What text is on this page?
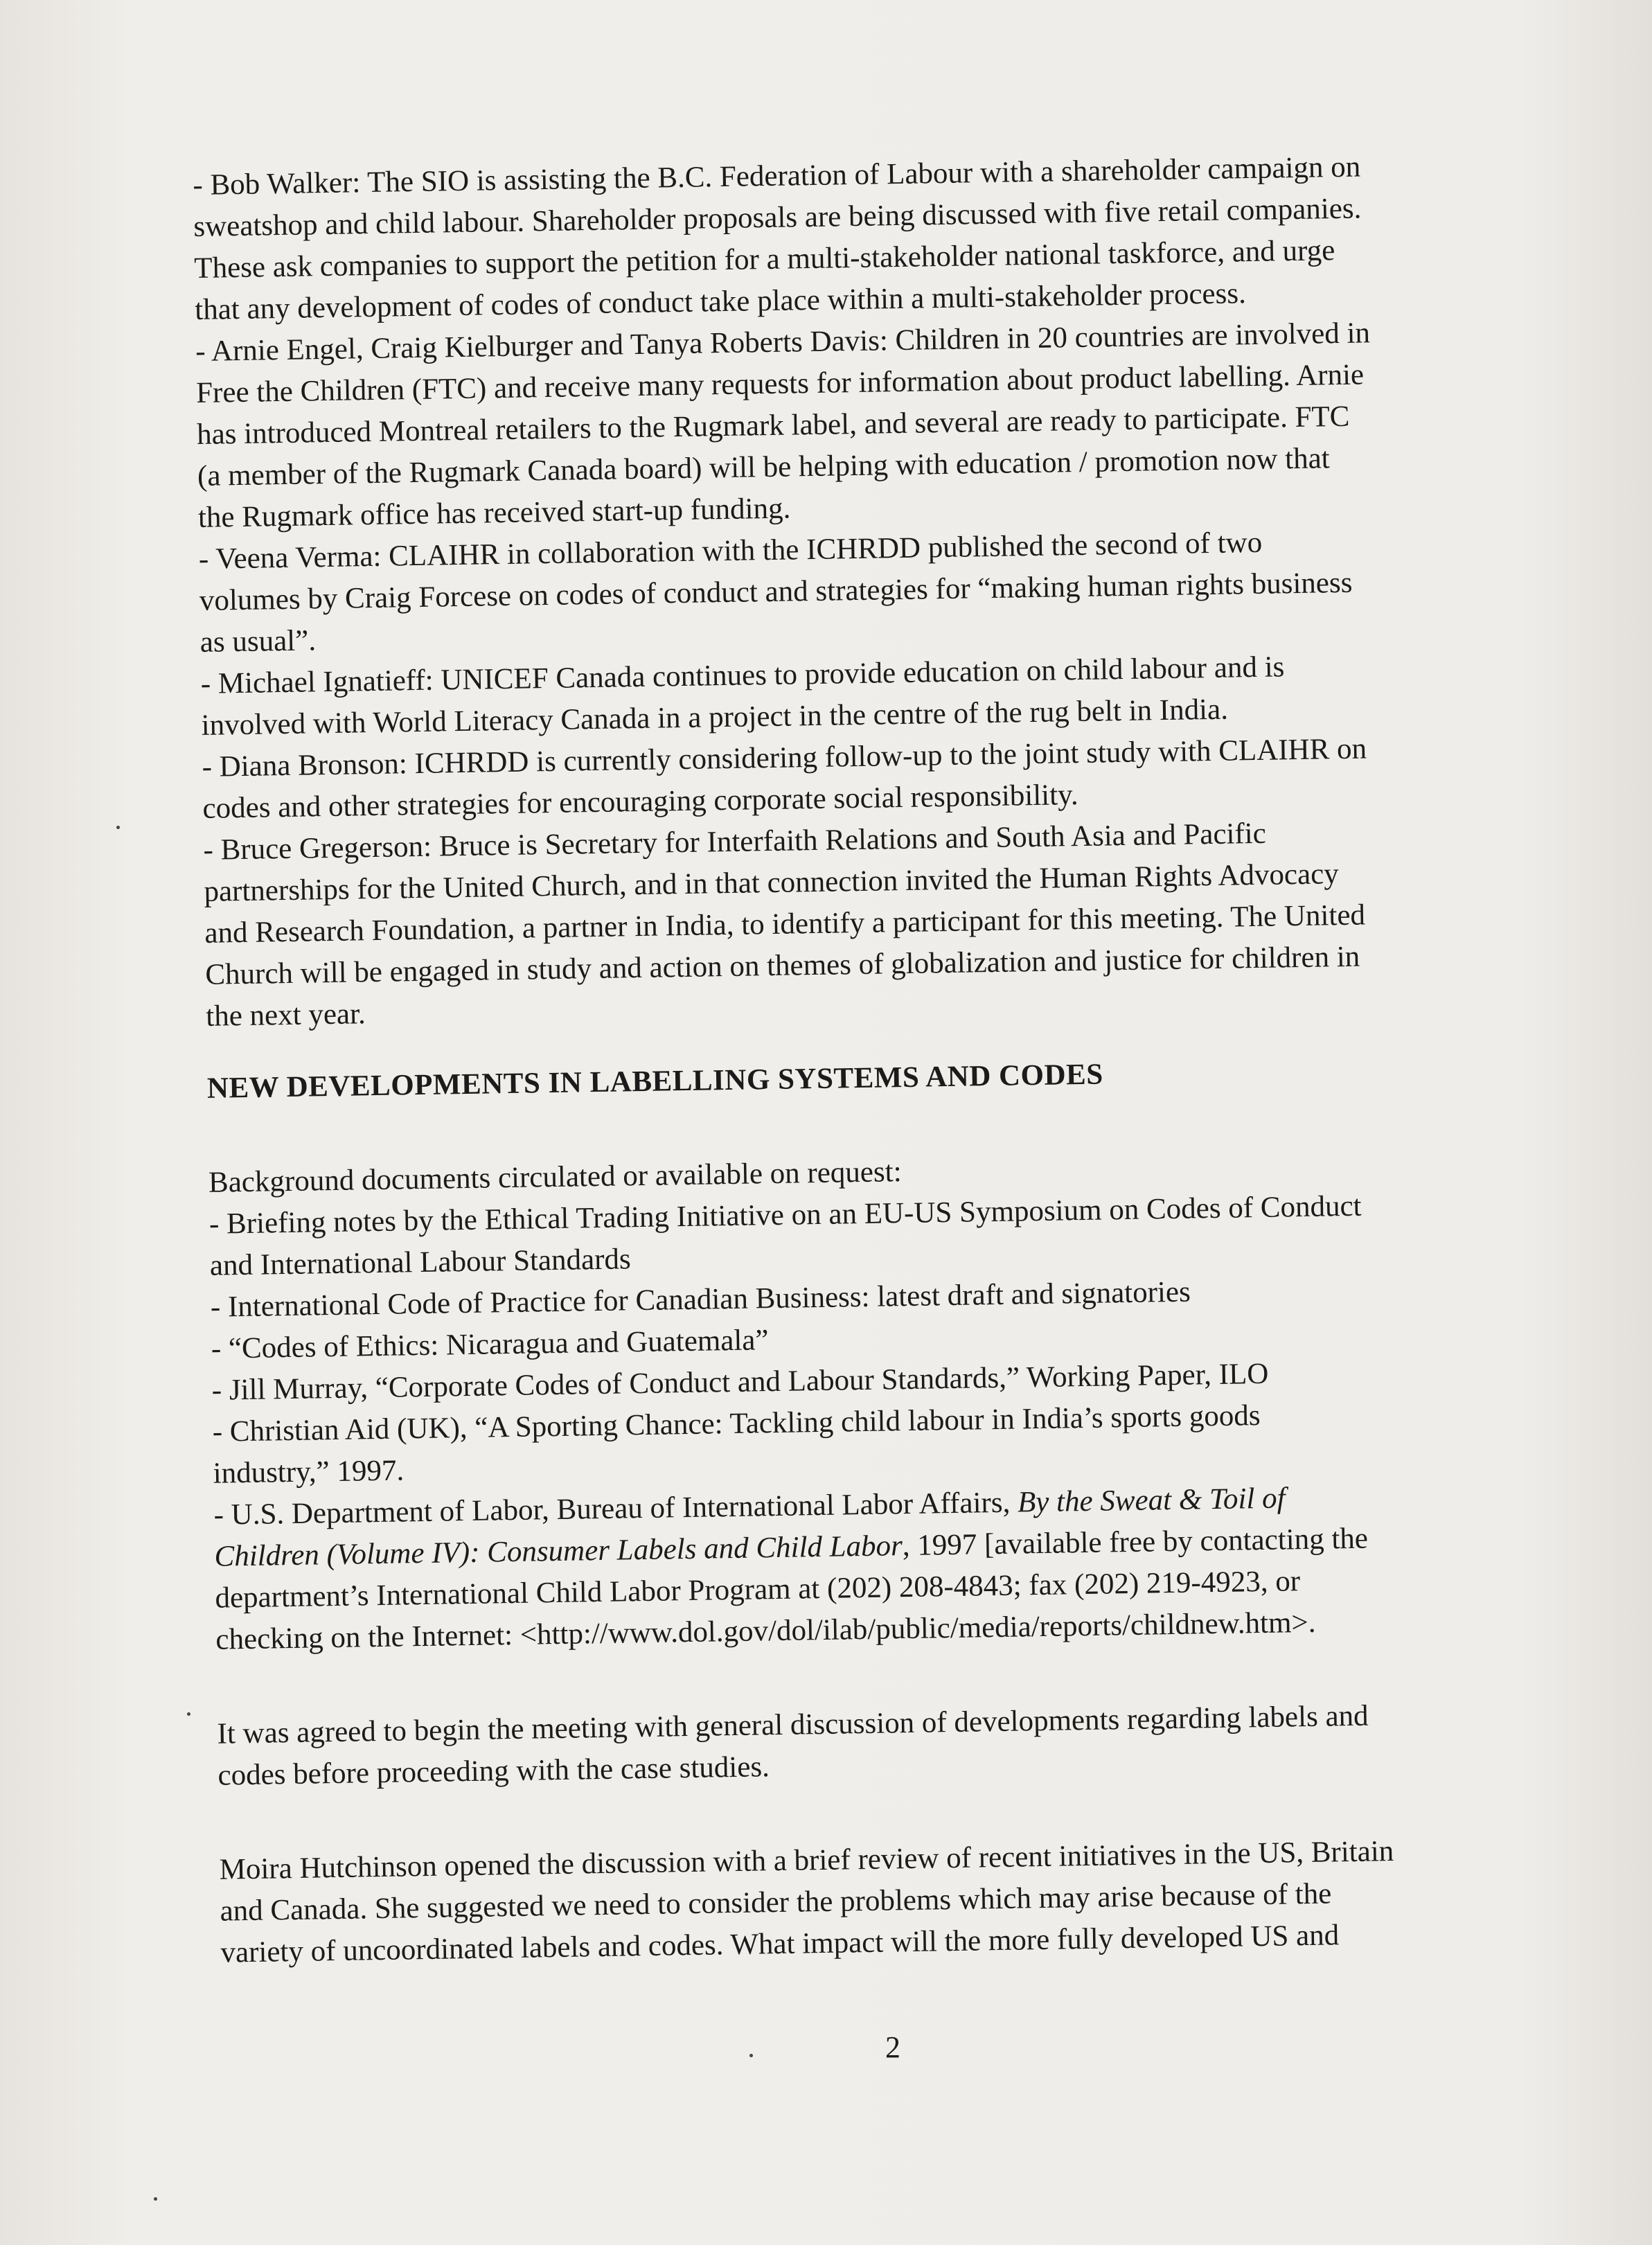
- Bob Walker: The SIO is assisting the B.C. Federation of Labour with a shareholder campaign on
sweatshop and child labour. Shareholder proposals are being discussed with five retail companies.
These ask companies to support the petition for a multi-stakeholder national taskforce, and urge
that any development of codes of conduct take place within a multi-stakeholder process.
- Arnie Engel, Craig Kielburger and Tanya Roberts Davis: Children in 20 countries are involved in
Free the Children (FTC) and receive many requests for information about product labelling. Arnie
has introduced Montreal retailers to the Rugmark label, and several are ready to participate. FTC
(a member of the Rugmark Canada board) will be helping with education / promotion now that
the Rugmark office has received start-up funding.
- Veena Verma: CLAIHR in collaboration with the ICHRDD published the second of two
volumes by Craig Forcese on codes of conduct and strategies for “making human rights business
as usual”.
- Michael Ignatieff: UNICEF Canada continues to provide education on child labour and is
involved with World Literacy Canada in a project in the centre of the rug belt in India.
- Diana Bronson: ICHRDD is currently considering follow-up to the joint study with CLAIHR on
codes and other strategies for encouraging corporate social responsibility.
- Bruce Gregerson: Bruce is Secretary for Interfaith Relations and South Asia and Pacific
partnerships for the United Church, and in that connection invited the Human Rights Advocacy
and Research Foundation, a partner in India, to identify a participant for this meeting. The United
Church will be engaged in study and action on themes of globalization and justice for children in
the next year.
NEW DEVELOPMENTS IN LABELLING SYSTEMS AND CODES
Background documents circulated or available on request:
- Briefing notes by the Ethical Trading Initiative on an EU-US Symposium on Codes of Conduct
and International Labour Standards
- International Code of Practice for Canadian Business: latest draft and signatories
- “Codes of Ethics: Nicaragua and Guatemala”
- Jill Murray, “Corporate Codes of Conduct and Labour Standards,” Working Paper, ILO
- Christian Aid (UK), “A Sporting Chance: Tackling child labour in India’s sports goods
industry,” 1997.
- U.S. Department of Labor, Bureau of International Labor Affairs, By the Sweat & Toil of
Children (Volume IV): Consumer Labels and Child Labor, 1997 [available free by contacting the
department’s International Child Labor Program at (202) 208-4843; fax (202) 219-4923, or
checking on the Internet: <http://www.dol.gov/dol/ilab/public/media/reports/childnew.htm>.
It was agreed to begin the meeting with general discussion of developments regarding labels and
codes before proceeding with the case studies.
Moira Hutchinson opened the discussion with a brief review of recent initiatives in the US, Britain
and Canada. She suggested we need to consider the problems which may arise because of the
variety of uncoordinated labels and codes. What impact will the more fully developed US and
2
